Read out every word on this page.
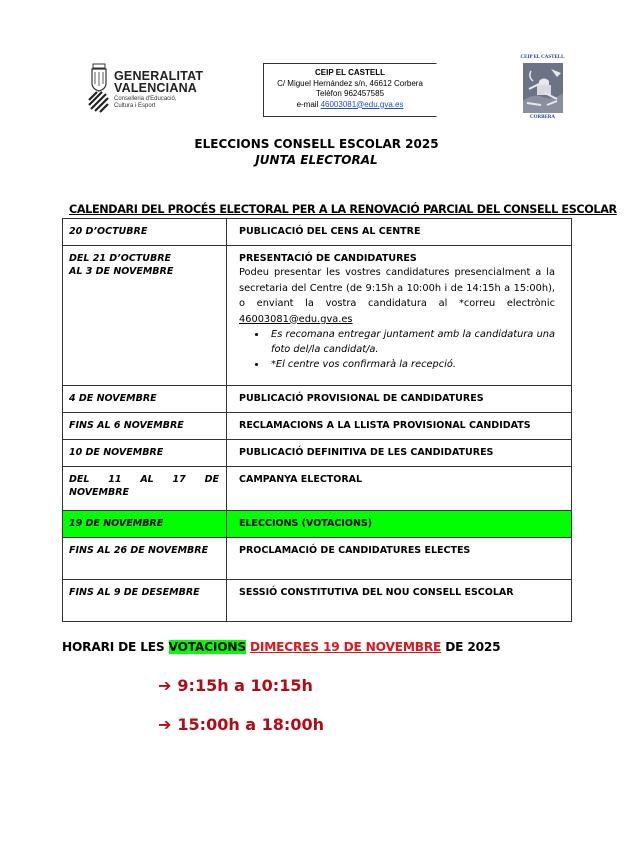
GENERALITAT
VALENCIANA
Conselleria d'Educació,
Cultura i Esport
CEIP EL CASTELL
C/ Miguel Hernández s/n, 46612 Corbera
Telèfon 962457585
e-mail 46003081@edu.gva.es
CEIP EL CASTELL
CORBERA
ELECCIONS CONSELL ESCOLAR 2025
JUNTA ELECTORAL
CALENDARI DEL PROCÉS ELECTORAL PER A LA RENOVACIÓ PARCIAL DEL CONSELL ESCOLAR
20 D’OCTUBRE	PUBLICACIÓ DEL CENS AL CENTRE

DEL 21 D’OCTUBRE
AL 3 DE NOVEMBRE

PRESENTACIÓ DE CANDIDATURES
Podeu presentar les vostres candidatures presencialment a la secretaria del Centre (de 9:15h a 10:00h i de 14:15h a 15:00h), o enviant la vostra candidatura al *correu electrònic 46003081@edu.gva.es
• Es recomana entregar juntament amb la candidatura una foto del/la candidat/a.
• *El centre vos confirmarà la recepció.

4 DE NOVEMBRE	PUBLICACIÓ PROVISIONAL DE CANDIDATURES
FINS AL 6 NOVEMBRE	RECLAMACIONS A LA LLISTA PROVISIONAL CANDIDATS
10 DE NOVEMBRE	PUBLICACIÓ DEFINITIVA DE LES CANDIDATURES
DEL 11 AL 17 DE NOVEMBRE	CAMPANYA ELECTORAL
19 DE NOVEMBRE	ELECCIONS (VOTACIONS)
FINS AL 26 DE NOVEMBRE	PROCLAMACIÓ DE CANDIDATURES ELECTES
FINS AL 9 DE DESEMBRE	SESSIÓ CONSTITUTIVA DEL NOU CONSELL ESCOLAR
HORARI DE LES VOTACIONS DIMECRES 19 DE NOVEMBRE DE 2025
➔ 9:15h a 10:15h
➔ 15:00h a 18:00h
